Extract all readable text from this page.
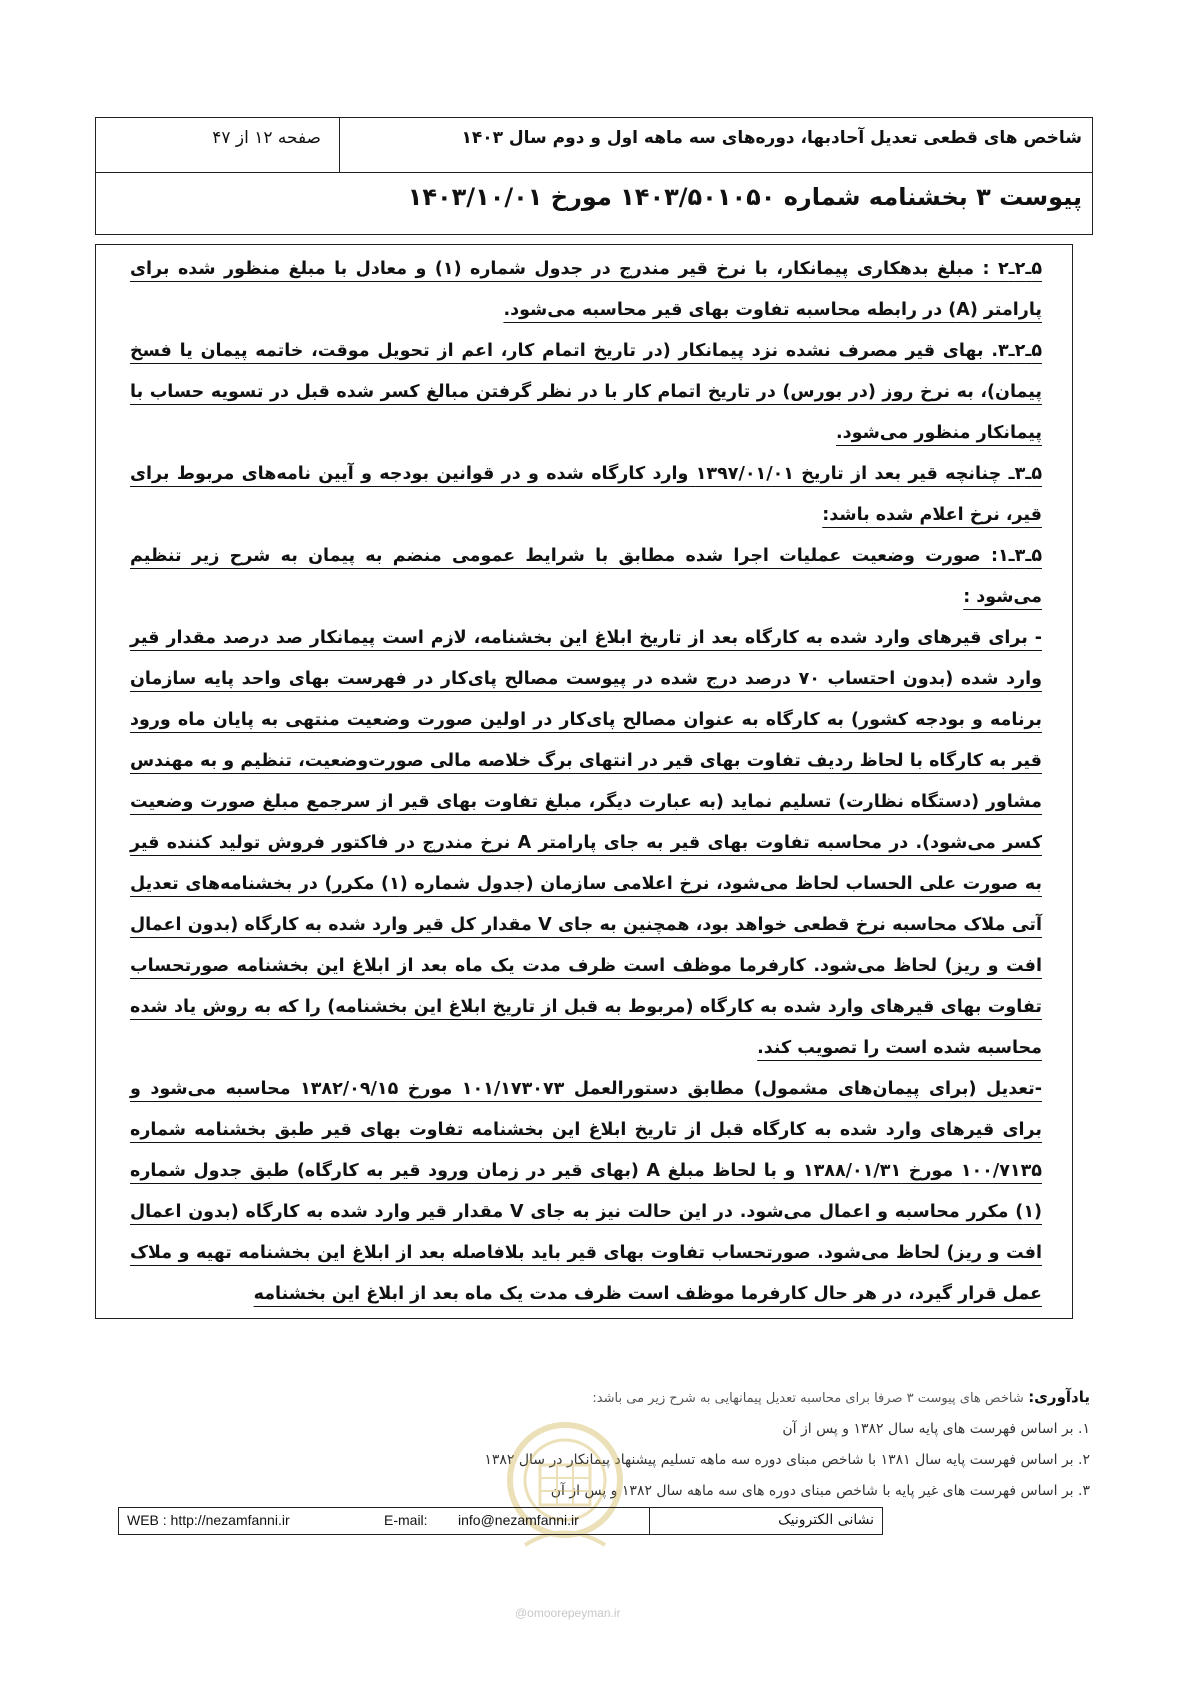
شاخص های قطعی تعدیل آحادبها، دوره‌های سه ماهه اول و دوم سال ۱۴۰۳
صفحه ۱۲ از ۴۷
پیوست ۳ بخشنامه شماره ۱۴۰۳/۵۰۱۰۵۰ مورخ ۱۴۰۳/۱۰/۰۱

۵ـ۲ـ۲ : مبلغ بدهکاری پیمانکار، با نرخ قیر مندرج در جدول شماره (۱) و معادل با مبلغ منظور شده برای پارامتر (A) در رابطه محاسبه تفاوت بهای قیر محاسبه می‌شود.

۵ـ۲ـ۳. بهای قیر مصرف نشده نزد پیمانکار (در تاریخ اتمام کار، اعم از تحویل موقت، خاتمه پیمان یا فسخ پیمان)، به نرخ روز (در بورس) در تاریخ اتمام کار با در نظر گرفتن مبالغ کسر شده قبل در تسویه حساب با پیمانکار منظور می‌شود.

۵ـ۳ـ چنانچه قیر بعد از تاریخ ۱۳۹۷/۰۱/۰۱ وارد کارگاه شده و در قوانین بودجه و آیین نامه‌های مربوط برای قیر، نرخ اعلام شده باشد:

۵ـ۳ـ۱: صورت وضعیت عملیات اجرا شده مطابق با شرایط عمومی منضم به پیمان به شرح زیر تنظیم می‌شود :

- برای قیرهای وارد شده به کارگاه بعد از تاریخ ابلاغ این بخشنامه، لازم است پیمانکار صد درصد مقدار قیر وارد شده (بدون احتساب ۷۰ درصد درج شده در پیوست مصالح پای‌کار در فهرست بهای واحد پایه سازمان برنامه و بودجه کشور) به کارگاه به عنوان مصالح پای‌کار در اولین صورت وضعیت منتهی به پایان ماه ورود قیر به کارگاه با لحاظ ردیف تفاوت بهای قیر در انتهای برگ خلاصه مالی صورت‌وضعیت، تنظیم و به مهندس مشاور (دستگاه نظارت) تسلیم نماید (به عبارت دیگر، مبلغ تفاوت بهای قیر از سرجمع مبلغ صورت وضعیت کسر می‌شود). در محاسبه تفاوت بهای قیر به جای پارامتر A نرخ مندرج در فاکتور فروش تولید کننده قیر به صورت علی الحساب لحاظ می‌شود، نرخ اعلامی سازمان (جدول شماره (۱) مکرر) در بخشنامه‌های تعدیل آتی ملاک محاسبه نرخ قطعی خواهد بود، همچنین به جای V مقدار کل قیر وارد شده به کارگاه (بدون اعمال افت و ریز) لحاظ می‌شود. کارفرما موظف است ظرف مدت یک ماه بعد از ابلاغ این بخشنامه صورتحساب تفاوت بهای قیرهای وارد شده به کارگاه (مربوط به قبل از تاریخ ابلاغ این بخشنامه) را که به روش یاد شده محاسبه شده است را تصویب کند.

-تعدیل (برای پیمان‌های مشمول) مطابق دستورالعمل ۱۰۱/۱۷۳۰۷۳ مورخ ۱۳۸۲/۰۹/۱۵ محاسبه می‌شود و برای قیرهای وارد شده به کارگاه قبل از تاریخ ابلاغ این بخشنامه تفاوت بهای قیر طبق بخشنامه شماره ۱۰۰/۷۱۳۵ مورخ ۱۳۸۸/۰۱/۳۱ و با لحاظ مبلغ A (بهای قیر در زمان ورود قیر به کارگاه) طبق جدول شماره (۱) مکرر محاسبه و اعمال می‌شود. در این حالت نیز به جای V مقدار قیر وارد شده به کارگاه (بدون اعمال افت و ریز) لحاظ می‌شود. صورتحساب تفاوت بهای قیر باید بلافاصله بعد از ابلاغ این بخشنامه تهیه و ملاک عمل قرار گیرد، در هر حال کارفرما موظف است ظرف مدت یک ماه بعد از ابلاغ این بخشنامه

یادآوری: شاخص های پیوست ۳ صرفا برای محاسبه تعدیل پیمانهایی به شرح زیر می باشد:
۱. بر اساس فهرست های پایه سال ۱۳۸۲ و پس از آن
۲. بر اساس فهرست پایه سال ۱۳۸۱ با شاخص مبنای دوره سه ماهه تسلیم پیشنهاد پیمانکار در سال ۱۳۸۲
۳. بر اساس فهرست های غیر پایه با شاخص مبنای دوره های سه ماهه سال ۱۳۸۲ و پس از آن
WEB : http://nezamfanni.ir	E-mail: info@nezamfanni.ir	نشانی الکترونیک
@omoorepeyman.ir
